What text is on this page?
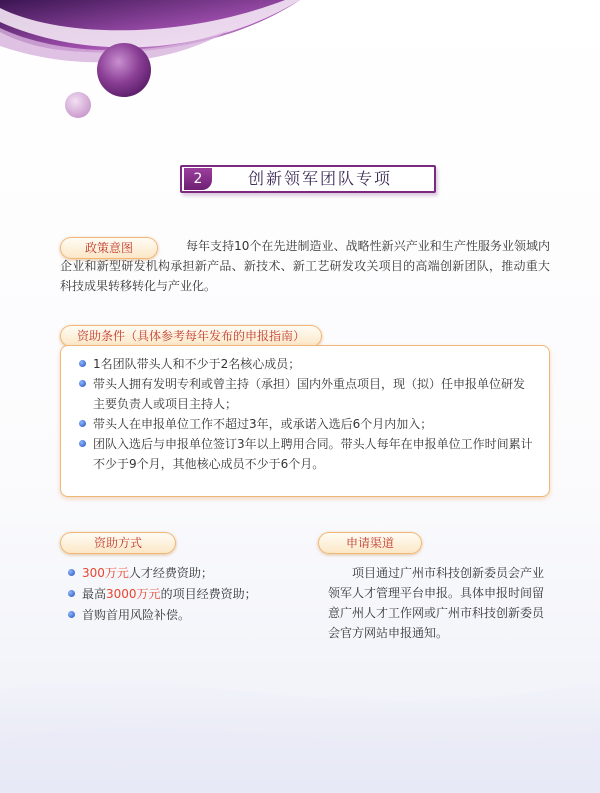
2	创新领军团队专项
政策意图	每年支持10个在先进制造业、战略性新兴产业和生产性服务业领域内企业和新型研发机构承担新产品、新技术、新工艺研发攻关项目的高端创新团队，推动重大科技成果转移转化与产业化。

资助条件（具体参考每年发布的申报指南）
1名团队带头人和不少于2名核心成员；
带头人拥有发明专利或曾主持（承担）国内外重点项目，现（拟）任申报单位研发主要负责人或项目主持人；
带头人在申报单位工作不超过3年，或承诺入选后6个月内加入；
团队入选后与申报单位签订3年以上聘用合同。带头人每年在申报单位工作时间累计不少于9个月，其他核心成员不少于6个月。
资助方式
300万元人才经费资助；
最高3000万元的项目经费资助；
首购首用风险补偿。
申请渠道

项目通过广州市科技创新委员会产业领军人才管理平台申报。具体申报时间留意广州人才工作网或广州市科技创新委员会官方网站申报通知。
